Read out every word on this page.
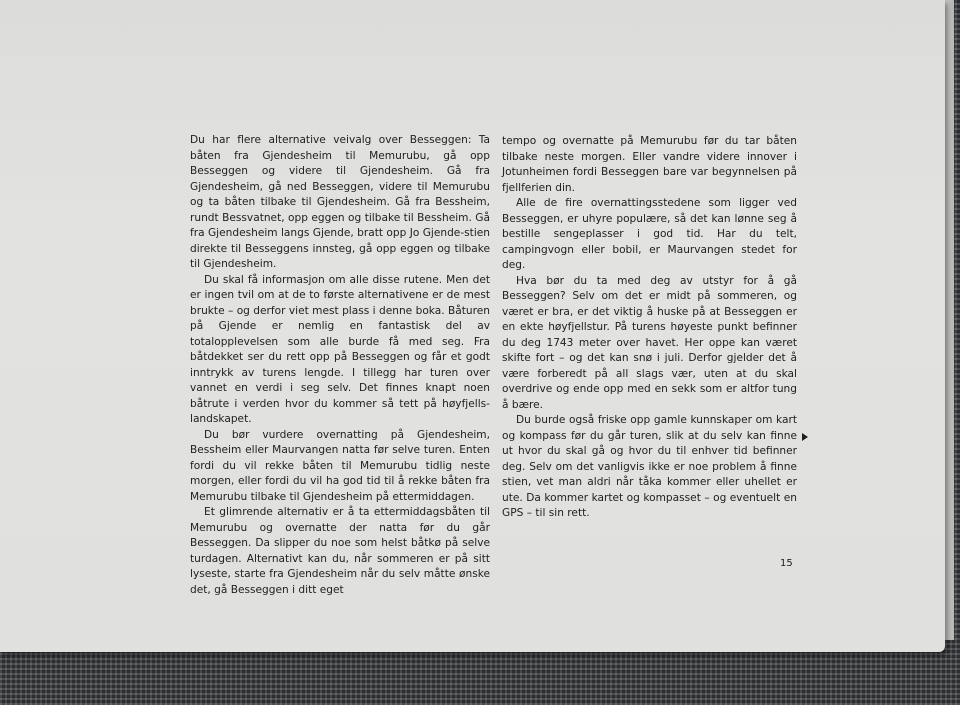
Du har flere alternative veivalg over Besseggen: Ta båten fra Gjendesheim til Memurubu, gå opp Besseggen og videre til Gjendesheim. Gå fra Gjendesheim, gå ned Besseggen, videre til Memurubu og ta båten tilbake til Gjendesheim. Gå fra Bessheim, rundt Bessvatnet, opp eggen og tilbake til Bessheim. Gå fra Gjendesheim langs Gjende, bratt opp Jo Gjende-stien direkte til Besseggens innsteg, gå opp eggen og tilbake til Gjendesheim.

Du skal få informasjon om alle disse rutene. Men det er ingen tvil om at de to første alternativene er de mest brukte – og derfor viet mest plass i denne boka. Båturen på Gjende er nemlig en fantastisk del av totalopplevelsen som alle burde få med seg. Fra båtdekket ser du rett opp på Besseggen og får et godt inntrykk av turens lengde. I tillegg har turen over vannet en verdi i seg selv. Det finnes knapt noen båtrute i verden hvor du kommer så tett på høyfjells-landskapet.

Du bør vurdere overnatting på Gjendesheim, Bessheim eller Maurvangen natta før selve turen. Enten fordi du vil rekke båten til Memurubu tidlig neste morgen, eller fordi du vil ha god tid til å rekke båten fra Memurubu tilbake til Gjendesheim på ettermiddagen.

Et glimrende alternativ er å ta ettermiddagsbåten til Memurubu og overnatte der natta før du går Besseggen. Da slipper du noe som helst båtkø på selve turdagen. Alternativt kan du, når sommeren er på sitt lyseste, starte fra Gjendesheim når du selv måtte ønske det, gå Besseggen i ditt eget

tempo og overnatte på Memurubu før du tar båten tilbake neste morgen. Eller vandre videre innover i Jotunheimen fordi Besseggen bare var begynnelsen på fjellferien din.

Alle de fire overnattingsstedene som ligger ved Besseggen, er uhyre populære, så det kan lønne seg å bestille sengeplasser i god tid. Har du telt, campingvogn eller bobil, er Maurvangen stedet for deg.

Hva bør du ta med deg av utstyr for å gå Besseggen? Selv om det er midt på sommeren, og været er bra, er det viktig å huske på at Besseggen er en ekte høyfjellstur. På turens høyeste punkt befinner du deg 1743 meter over havet. Her oppe kan været skifte fort – og det kan snø i juli. Derfor gjelder det å være forberedt på all slags vær, uten at du skal overdrive og ende opp med en sekk som er altfor tung å bære.

Du burde også friske opp gamle kunnskaper om kart og kompass før du går turen, slik at du selv kan finne ut hvor du skal gå og hvor du til enhver tid befinner deg. Selv om det vanligvis ikke er noe problem å finne stien, vet man aldri når tåka kommer eller uhellet er ute. Da kommer kartet og kompasset – og eventuelt en GPS – til sin rett.

15
